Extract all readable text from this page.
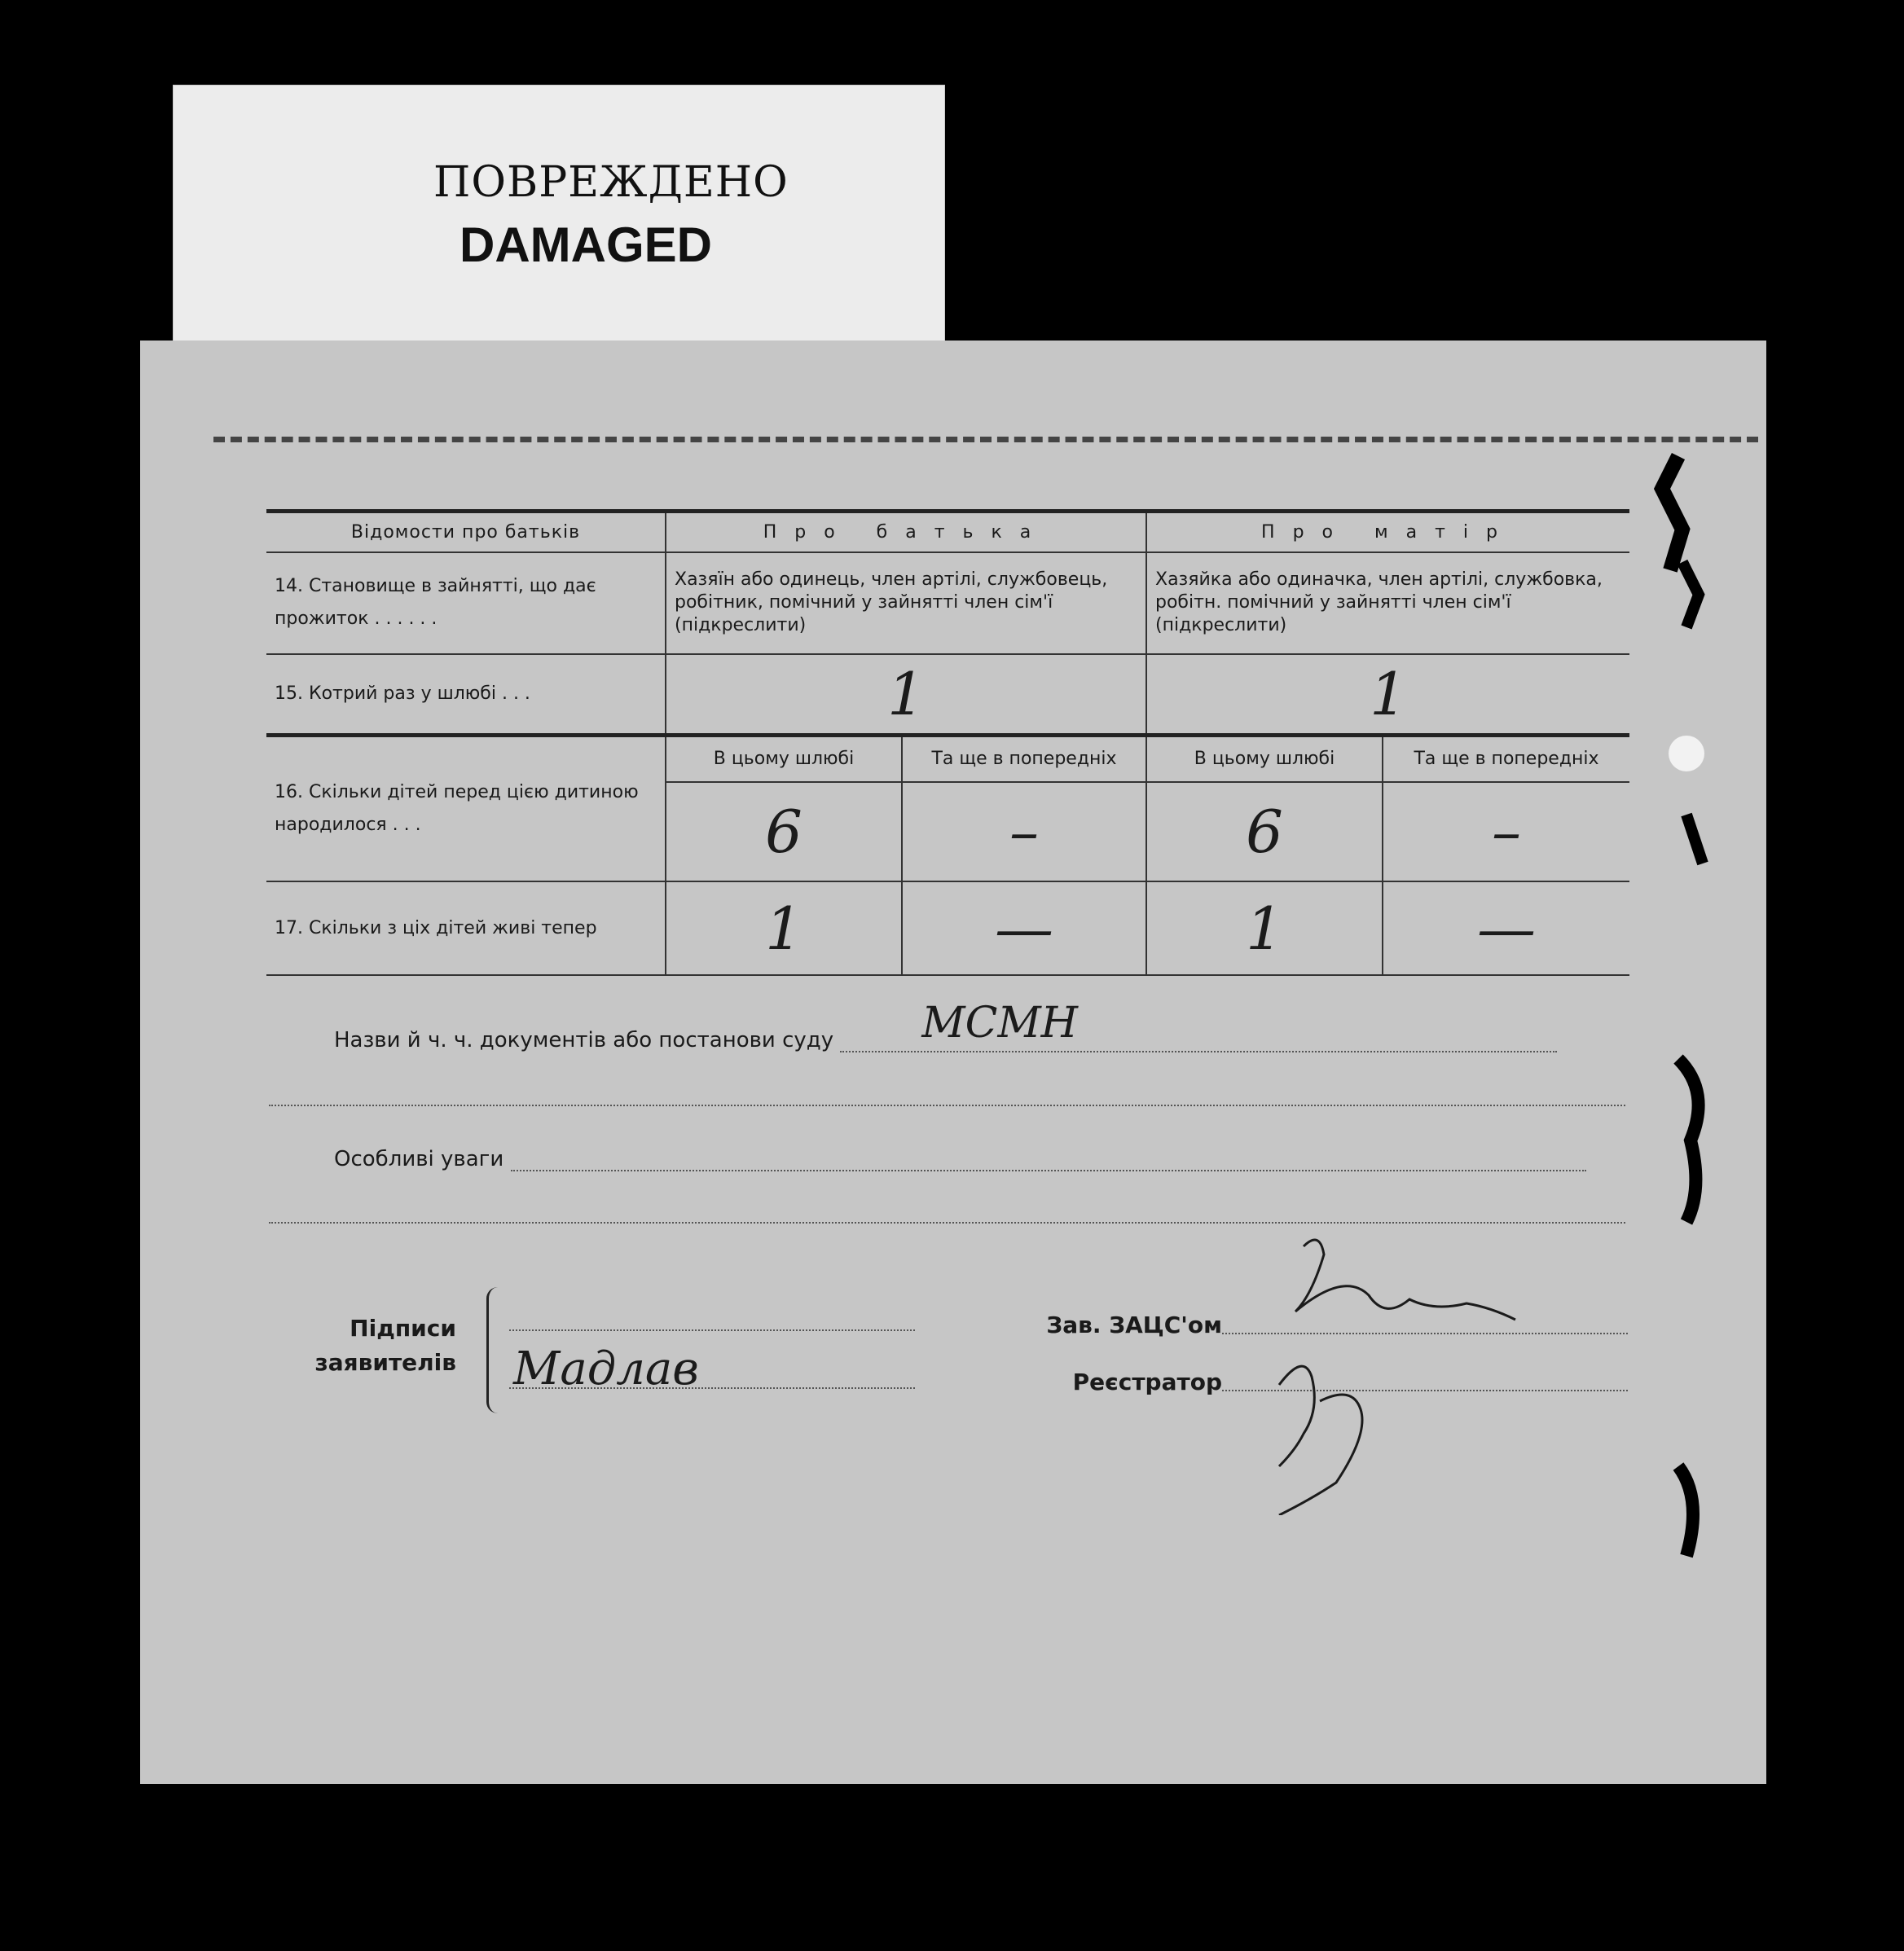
ПОВРЕЖДЕНО
DAMAGED
Відомости про батьків	Про батька		Про матір	
14. Становище в зайнятті, що дає прожиток . . . . . .	Хазяїн або одинець, член артілі, службовець, робітник, помічний у зайнятті член сім'ї (підкреслити)		Хазяйка або одиначка, член артілі, службовка, робітн. помічний у зайнятті член сім'ї (підкреслити)	
15. Котрий раз у шлюбі . . .	1		1	
16. Скільки дітей перед цією дитиною народилося . . .	В цьому шлюбі	Та ще в попередніх	В цьому шлюбі	Та ще в попередніх
	6	–	6	–
17. Скільки з ціх дітей живі тепер	1	—	1	—
Назви й ч. ч. документів або постанови суду МСМН
Особливі уваги
Підписи
заявителів Мадлав
Зав. ЗАЦС'ом
Реєстратор
